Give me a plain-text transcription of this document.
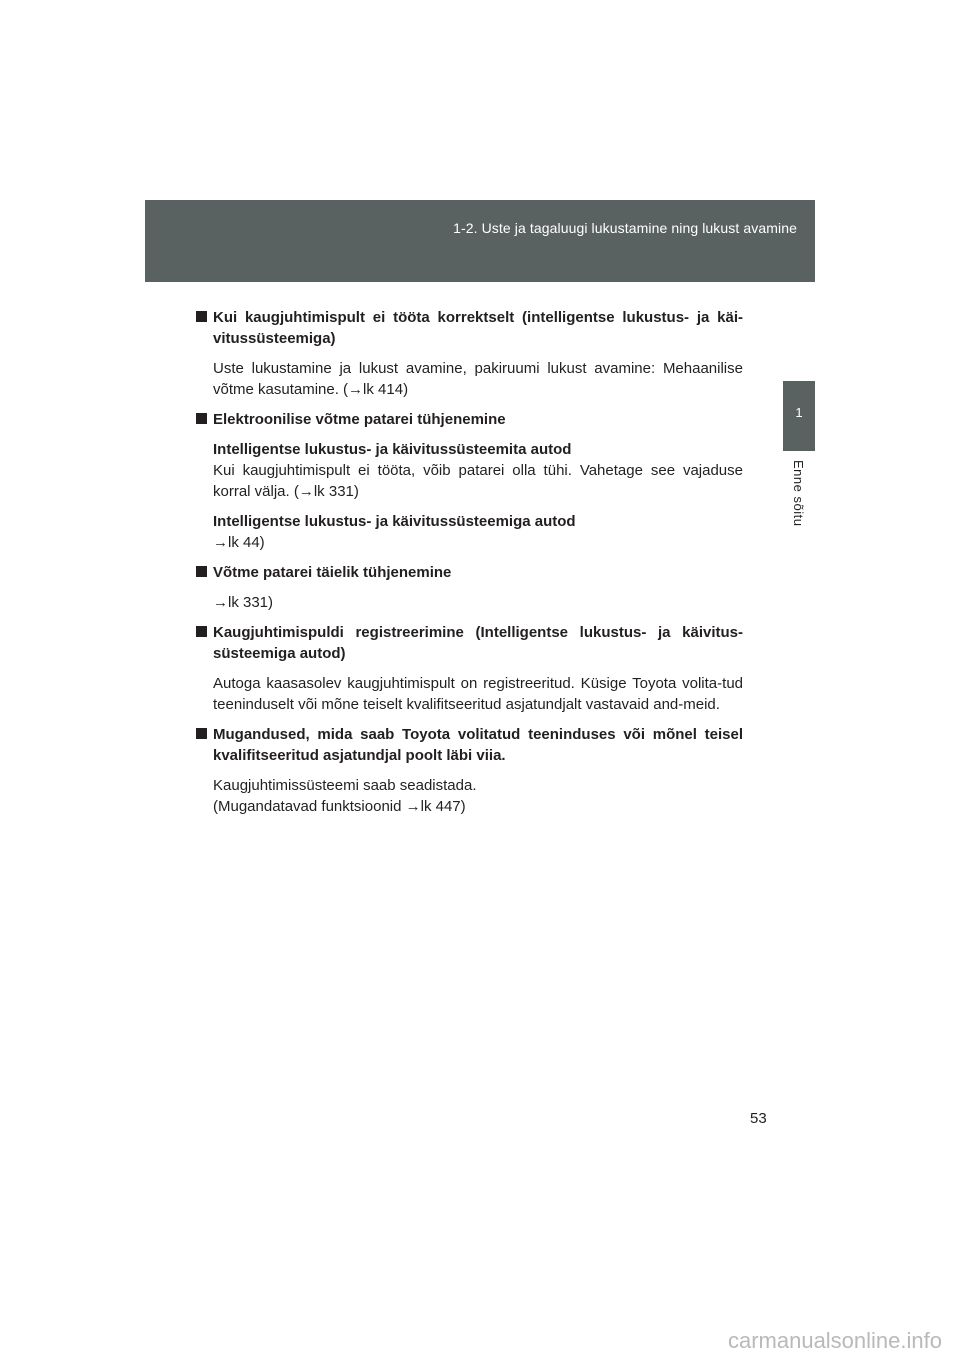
1-2. Uste ja tagaluugi lukustamine ning lukust avamine
1
Enne sõitu

Kui kaugjuhtimispult ei tööta korrektselt (intelligentse lukustus- ja käi-vitussüsteemiga)

Uste lukustamine ja lukust avamine, pakiruumi lukust avamine: Mehaanilise võtme kasutamine. (→lk 414)

Elektroonilise võtme patarei tühjenemine

Intelligentse lukustus- ja käivitussüsteemita autod

Kui kaugjuhtimispult ei tööta, võib patarei olla tühi. Vahetage see vajaduse korral välja. (→lk 331)

Intelligentse lukustus- ja käivitussüsteemiga autod

→lk 44)

Võtme patarei täielik tühjenemine

→lk 331)

Kaugjuhtimispuldi registreerimine (Intelligentse lukustus- ja käivitus-süsteemiga autod)

Autoga kaasasolev kaugjuhtimispult on registreeritud. Küsige Toyota volita-tud teeninduselt või mõne teiselt kvalifitseeritud asjatundjalt vastavaid and-meid.

Mugandused, mida saab Toyota volitatud teeninduses või mõnel teisel kvalifitseeritud asjatundjal poolt läbi viia.

Kaugjuhtimissüsteemi saab seadistada.

(Mugandatavad funktsioonid →lk 447)

53
carmanualsonline.info
